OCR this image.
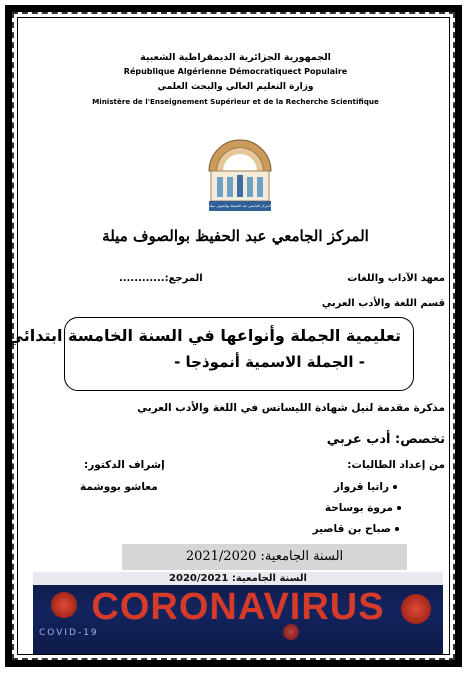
الجمهورية الجزائرية الديمقراطية الشعبية
République Algérienne Démocratiquect Populaire
وزارة التعليم العالي والبحث العلمي
Ministère de l'Enseignement Supérieur et de la Recherche Scientifique
المركز الجامعي عبد الحفيظ بوالصوف ميلة
المركز الجامعي عبد الحفيظ بوالصوف ميلة
معهد الآداب واللغات
المرجع:............
قسم اللغة والأدب العربي
تعليمية الجملة وأنواعها في السنة الخامسة ابتدائي
- الجملة الاسمية أنموذجا -
مذكرة مقدمة لنيل شهادة الليسانس في اللغة والأدب العربي
تخصص: أدب عربي
من إعداد الطالبات:
راتيا قرواز
مروة بوساحة
صباح بن قاصير
إشراف الدكتور:
معاشو بووشمة
السنة الجامعية: 2021/2020
السنة الجامعية: 2020/2021
CORONAVIRUS
COVID-19
